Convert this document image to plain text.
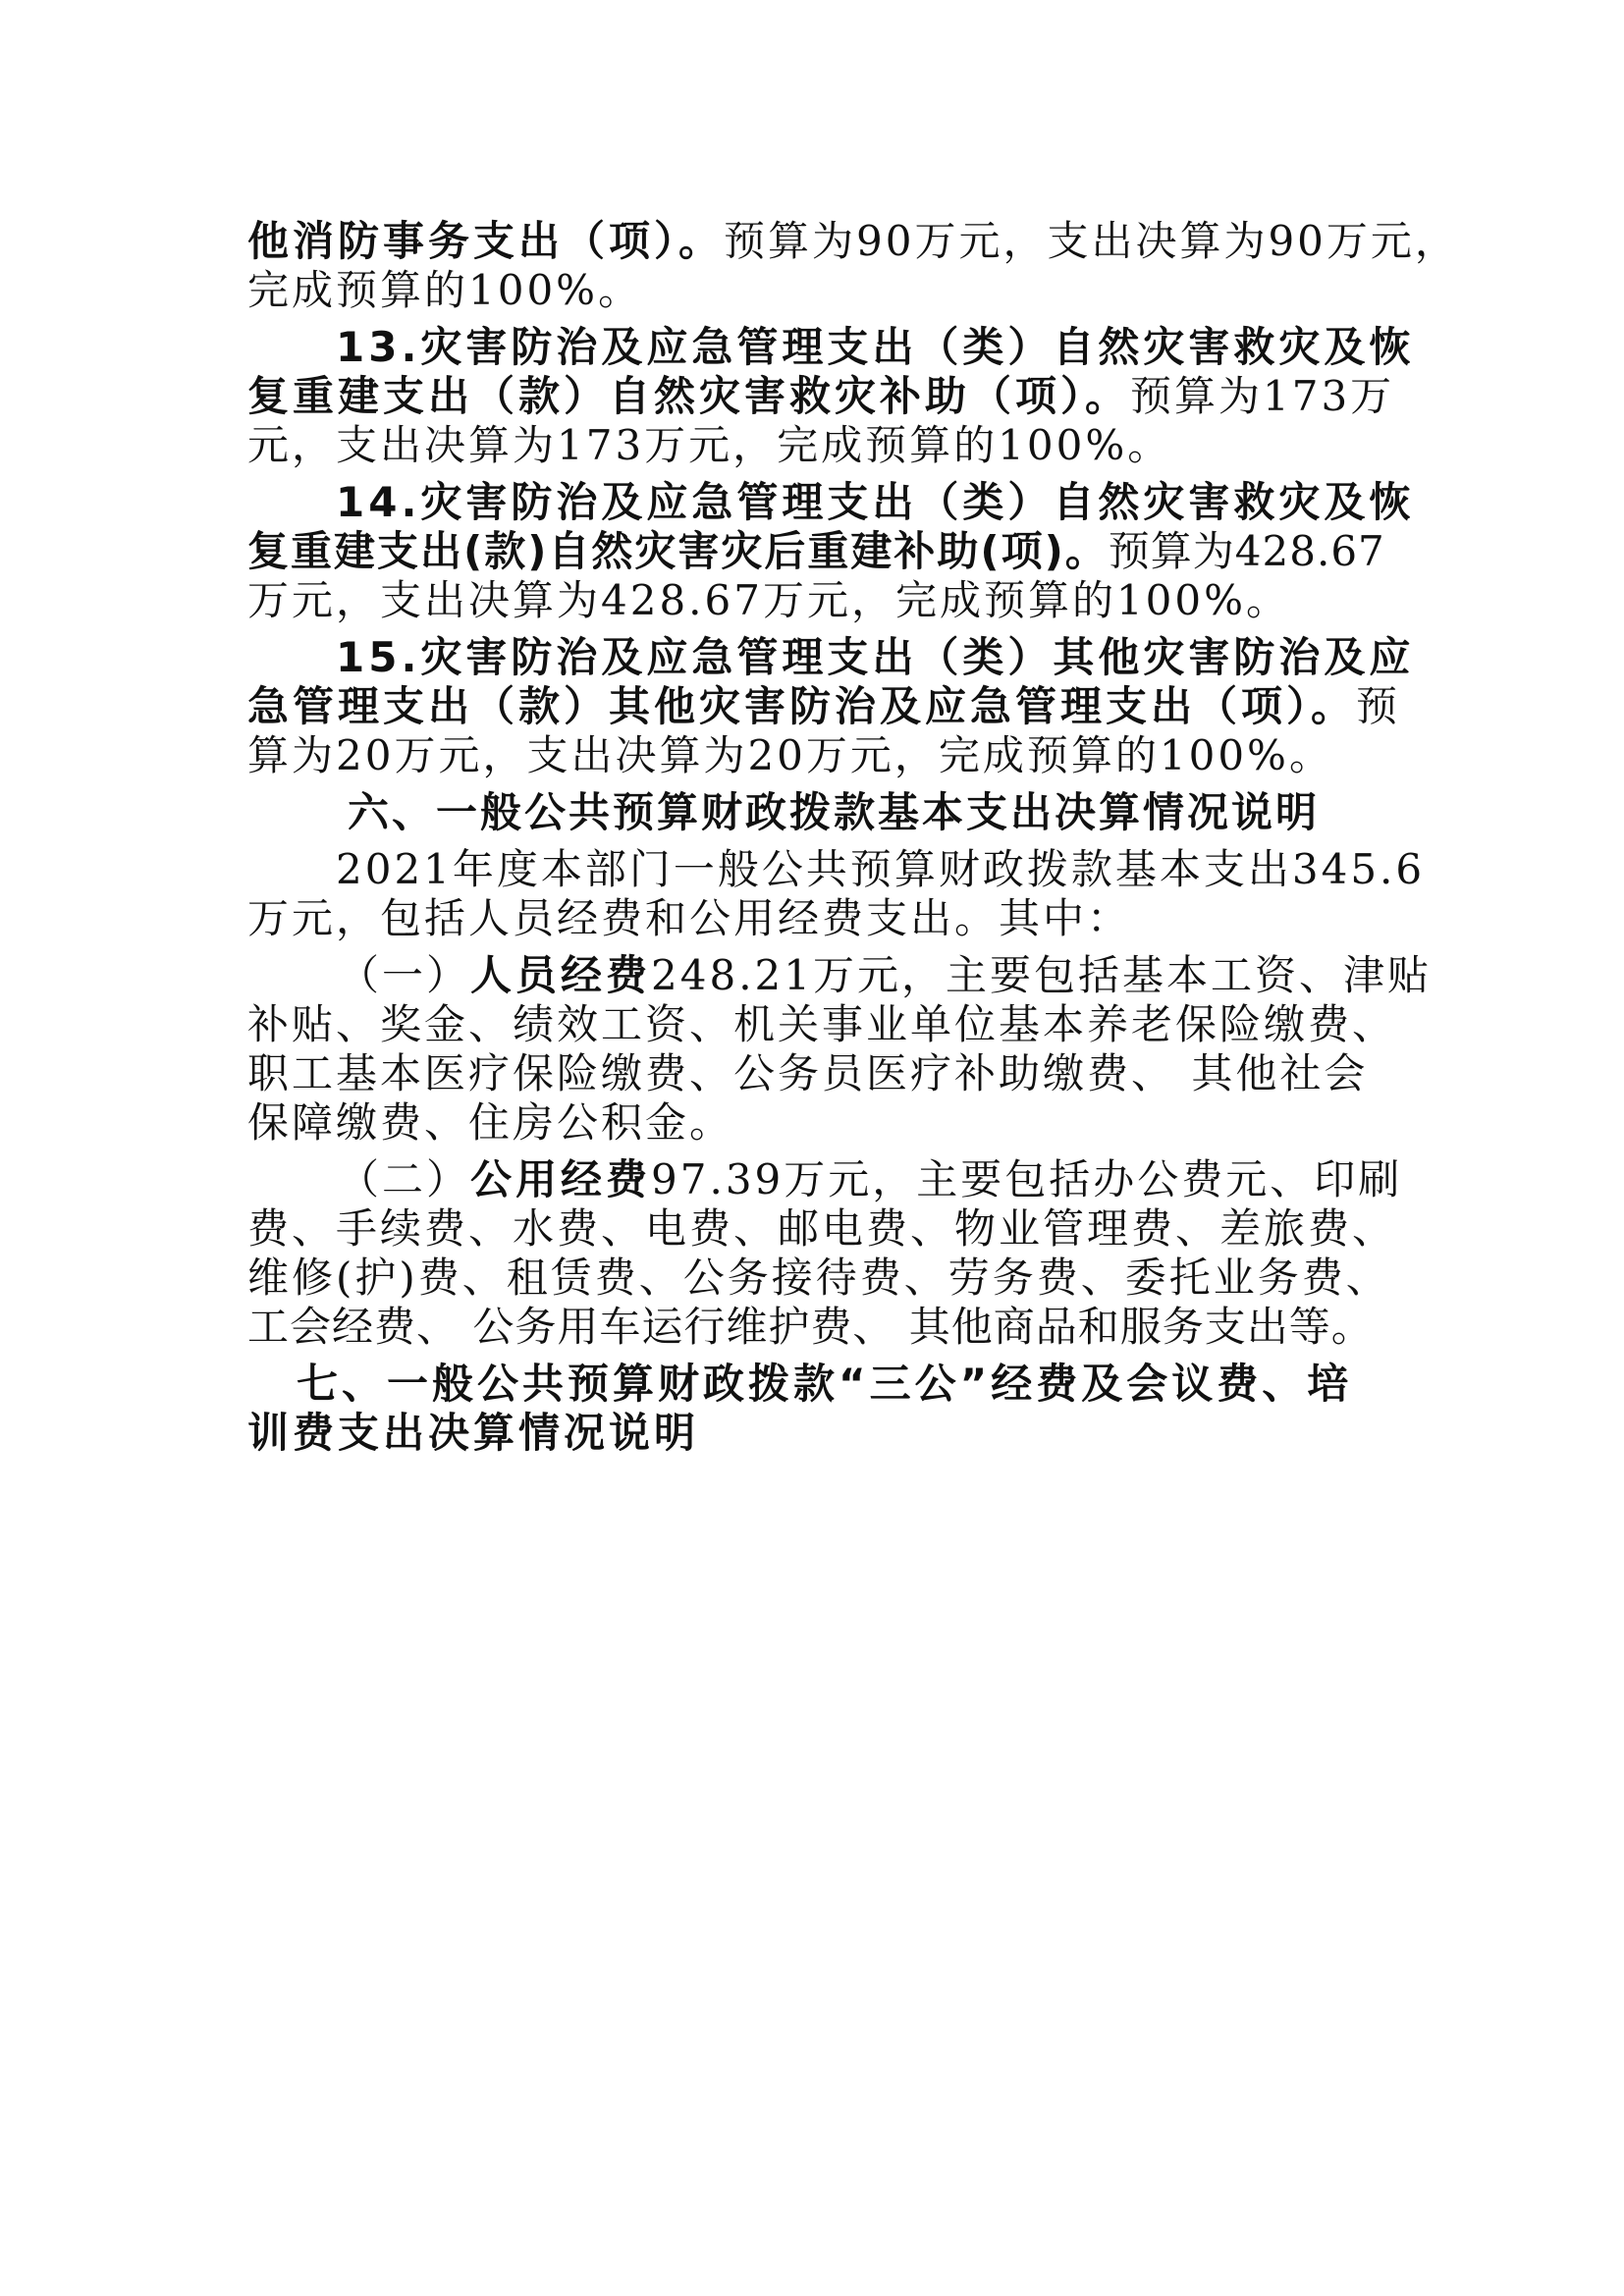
他消防事务支出（项）。预算为90万元，支出决算为90万元，
完成预算的100%。
13.灾害防治及应急管理支出（类）自然灾害救灾及恢
复重建支出（款）自然灾害救灾补助（项）。预算为173万
元，支出决算为173万元，完成预算的100%。
14.灾害防治及应急管理支出（类）自然灾害救灾及恢
复重建支出(款)自然灾害灾后重建补助(项)。预算为428.67
万元，支出决算为428.67万元，完成预算的100%。
15.灾害防治及应急管理支出（类）其他灾害防治及应
急管理支出（款）其他灾害防治及应急管理支出（项）。预
算为20万元，支出决算为20万元，完成预算的100%。
六、一般公共预算财政拨款基本支出决算情况说明
2021年度本部门一般公共预算财政拨款基本支出345.6
万元，包括人员经费和公用经费支出。其中：
（一）人员经费248.21万元，主要包括基本工资、津贴
补贴、奖金、绩效工资、机关事业单位基本养老保险缴费、
职工基本医疗保险缴费、公务员医疗补助缴费、 其他社会
保障缴费、住房公积金。
（二）公用经费97.39万元，主要包括办公费元、印刷
费、手续费、水费、电费、邮电费、物业管理费、差旅费、
维修(护)费、租赁费、公务接待费、劳务费、委托业务费、
工会经费、 公务用车运行维护费、 其他商品和服务支出等。
七、一般公共预算财政拨款“三公”经费及会议费、培
训费支出决算情况说明
